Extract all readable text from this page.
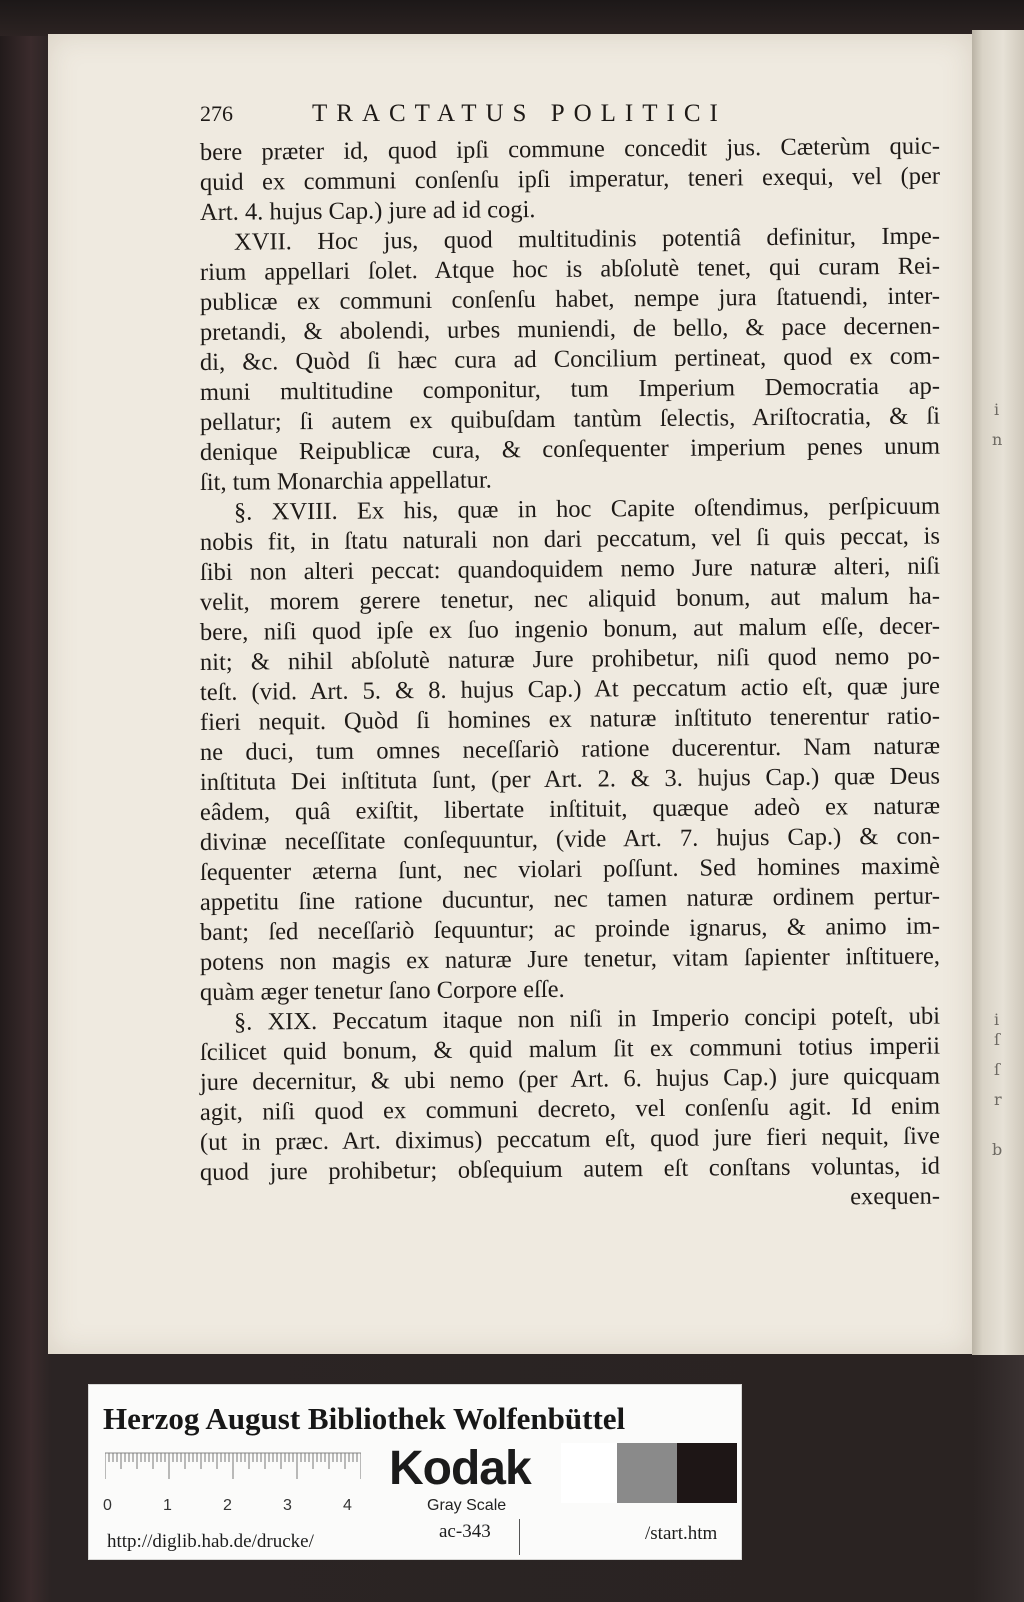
i
n
i
ſ
ſ
r
b
276	TRACTATUS POLITICI
bere præter id, quod ipſi commune concedit jus. Cæterùm quic-
quid ex communi conſenſu ipſi imperatur, teneri exequi, vel (per
Art. 4. hujus Cap.) jure ad id cogi.
XVII. Hoc jus, quod multitudinis potentiâ definitur, Impe-
rium appellari ſolet. Atque hoc is abſolutè tenet, qui curam Rei-
publicæ ex communi conſenſu habet, nempe jura ſtatuendi, inter-
pretandi, & abolendi, urbes muniendi, de bello, & pace decernen-
di, &c. Quòd ſi hæc cura ad Concilium pertineat, quod ex com-
muni multitudine componitur, tum Imperium Democratia ap-
pellatur; ſi autem ex quibuſdam tantùm ſelectis, Ariſtocratia, & ſi
denique Reipublicæ cura, & conſequenter imperium penes unum
ſit, tum Monarchia appellatur.
§. XVIII. Ex his, quæ in hoc Capite oſtendimus, perſpicuum
nobis fit, in ſtatu naturali non dari peccatum, vel ſi quis peccat, is
ſibi non alteri peccat: quandoquidem nemo Jure naturæ alteri, niſi
velit, morem gerere tenetur, nec aliquid bonum, aut malum ha-
bere, niſi quod ipſe ex ſuo ingenio bonum, aut malum eſſe, decer-
nit; & nihil abſolutè naturæ Jure prohibetur, niſi quod nemo po-
teſt. (vid. Art. 5. & 8. hujus Cap.) At peccatum actio eſt, quæ jure
fieri nequit. Quòd ſi homines ex naturæ inſtituto tenerentur ratio-
ne duci, tum omnes neceſſariò ratione ducerentur. Nam naturæ
inſtituta Dei inſtituta ſunt, (per Art. 2. & 3. hujus Cap.) quæ Deus
eâdem, quâ exiſtit, libertate inſtituit, quæque adeò ex naturæ
divinæ neceſſitate conſequuntur, (vide Art. 7. hujus Cap.) & con-
ſequenter æterna ſunt, nec violari poſſunt. Sed homines maximè
appetitu ſine ratione ducuntur, nec tamen naturæ ordinem pertur-
bant; ſed neceſſariò ſequuntur; ac proinde ignarus, & animo im-
potens non magis ex naturæ Jure tenetur, vitam ſapienter inſtituere,
quàm æger tenetur ſano Corpore eſſe.
§. XIX. Peccatum itaque non niſi in Imperio concipi poteſt, ubi
ſcilicet quid bonum, & quid malum ſit ex communi totius imperii
jure decernitur, & ubi nemo (per Art. 6. hujus Cap.) jure quicquam
agit, niſi quod ex communi decreto, vel conſenſu agit. Id enim
(ut in præc. Art. diximus) peccatum eſt, quod jure fieri nequit, ſive
quod jure prohibetur; obſequium autem eſt conſtans voluntas, id
exequen-
Herzog August Bibliothek Wolfenbüttel
0	1	2	3	4
Kodak
Gray Scale
http://diglib.hab.de/drucke/	ac-343	/start.htm
